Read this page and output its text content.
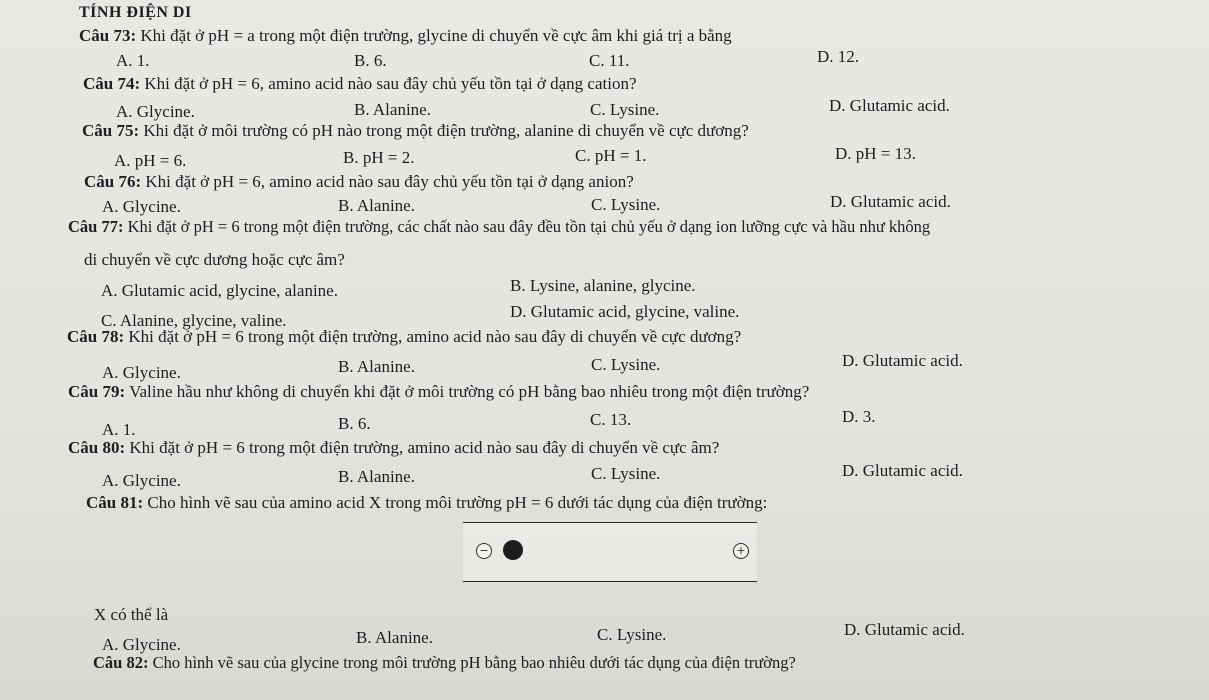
TÍNH ĐIỆN DI
Câu 73: Khi đặt ở pH = a trong một điện trường, glycine di chuyển về cực âm khi giá trị a bằng
A. 1.	B. 6.	C. 11.	D. 12.
Câu 74: Khi đặt ở pH = 6, amino acid nào sau đây chủ yếu tồn tại ở dạng cation?
A. Glycine.	B. Alanine.	C. Lysine.	D. Glutamic acid.
Câu 75: Khi đặt ở môi trường có pH nào trong một điện trường, alanine di chuyển về cực dương?
A. pH = 6.	B. pH = 2.	C. pH = 1.	D. pH = 13.
Câu 76: Khi đặt ở pH = 6, amino acid nào sau đây chủ yếu tồn tại ở dạng anion?
A. Glycine.	B. Alanine.	C. Lysine.	D. Glutamic acid.
Câu 77: Khi đặt ở pH = 6 trong một điện trường, các chất nào sau đây đều tồn tại chủ yếu ở dạng ion lưỡng cực và hầu như không
di chuyển về cực dương hoặc cực âm?
A. Glutamic acid, glycine, alanine.	B. Lysine, alanine, glycine.
C. Alanine, glycine, valine.	D. Glutamic acid, glycine, valine.
Câu 78: Khi đặt ở pH = 6 trong một điện trường, amino acid nào sau đây di chuyển về cực dương?
A. Glycine.	B. Alanine.	C. Lysine.	D. Glutamic acid.
Câu 79: Valine hầu như không di chuyển khi đặt ở môi trường có pH bằng bao nhiêu trong một điện trường?
A. 1.	B. 6.	C. 13.	D. 3.
Câu 80: Khi đặt ở pH = 6 trong một điện trường, amino acid nào sau đây di chuyển về cực âm?
A. Glycine.	B. Alanine.	C. Lysine.	D. Glutamic acid.
Câu 81: Cho hình vẽ sau của amino acid X trong môi trường pH = 6 dưới tác dụng của điện trường:
−	+
X có thể là
A. Glycine.	B. Alanine.	C. Lysine.	D. Glutamic acid.
Câu 82: Cho hình vẽ sau của glycine trong môi trường pH bằng bao nhiêu dưới tác dụng của điện trường?
